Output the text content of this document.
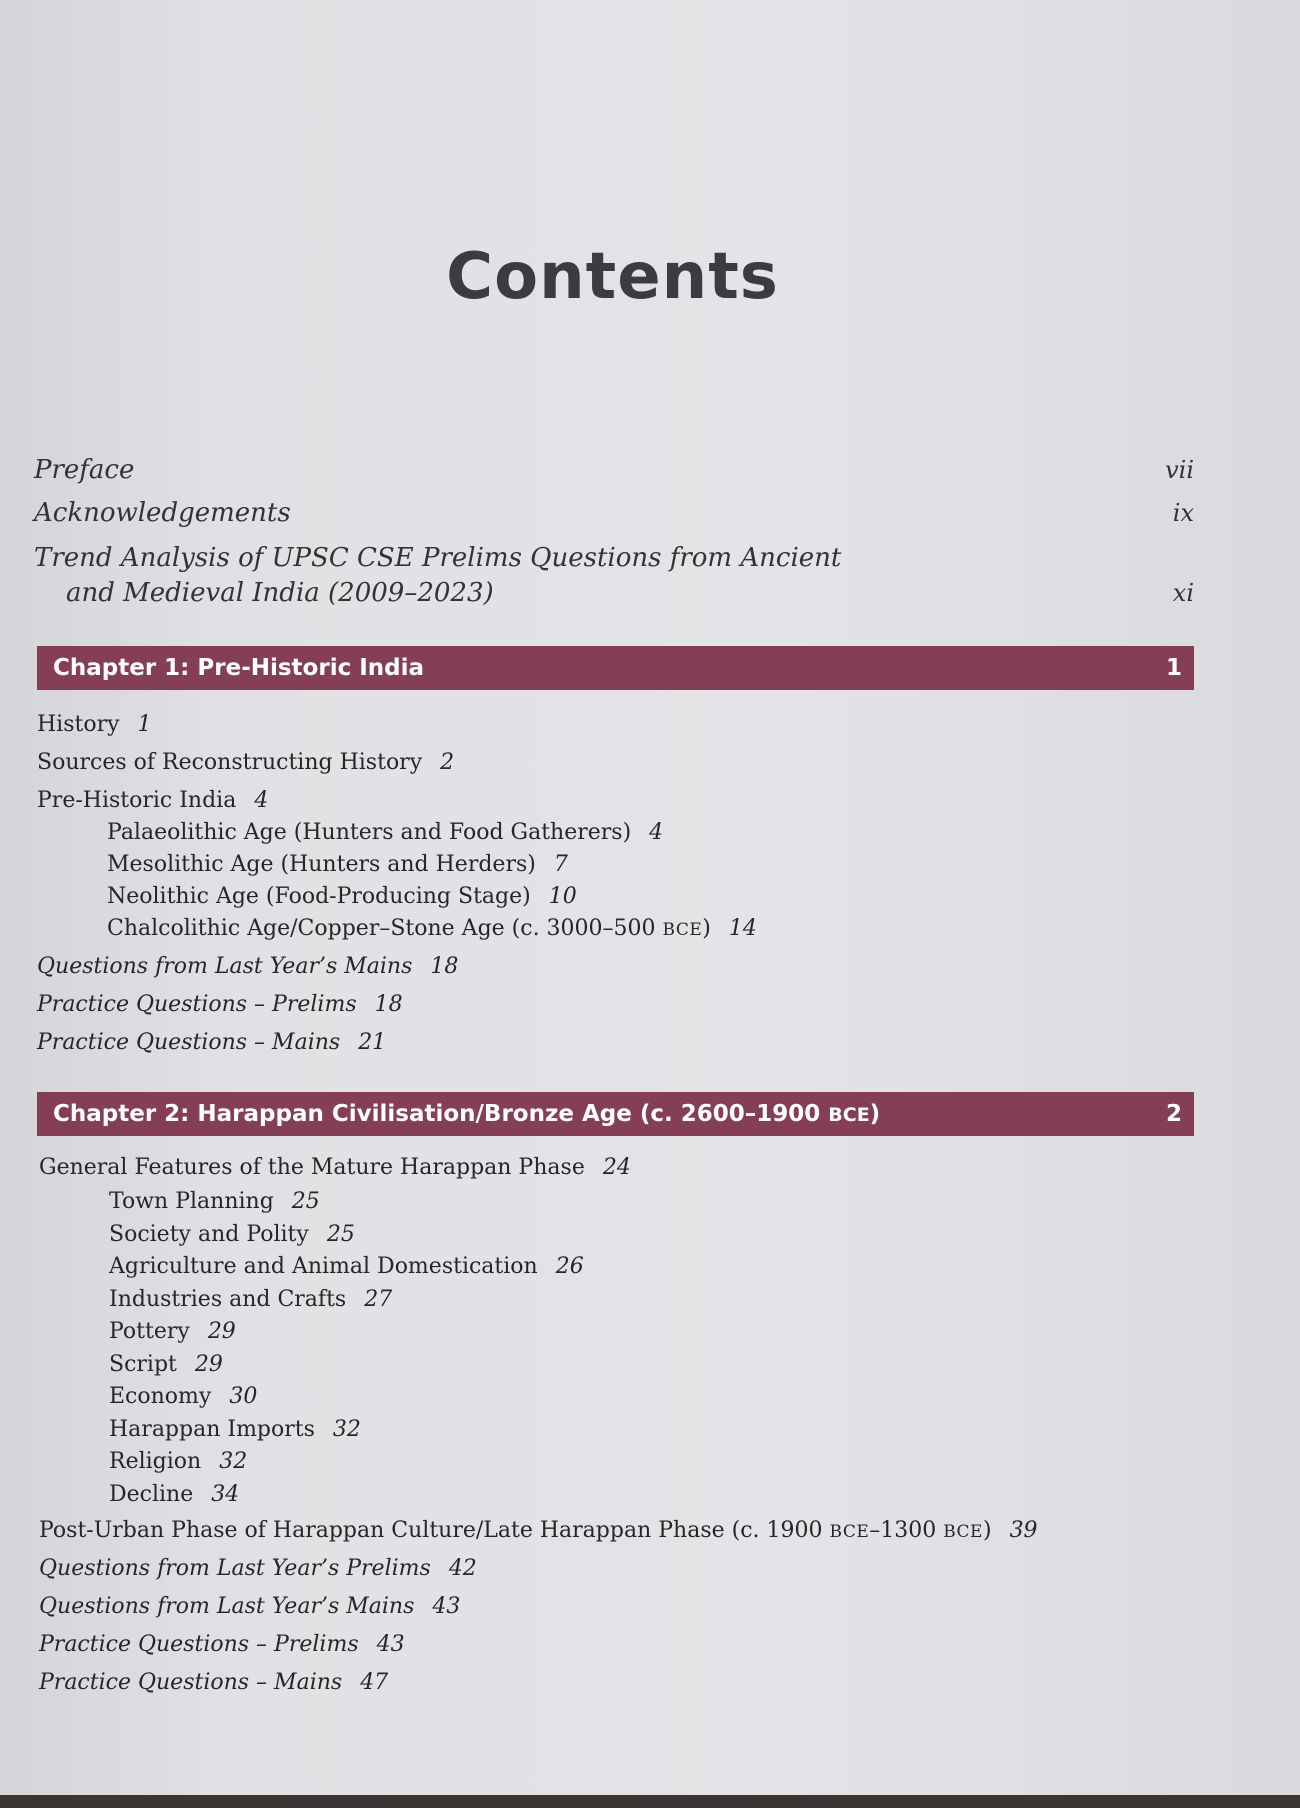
Contents
Preface	vii
Acknowledgements	ix
Trend Analysis of UPSC CSE Prelims Questions from Ancient
and Medieval India (2009–2023)	xi
Chapter 1: Pre-Historic India	1
History 1
Sources of Reconstructing History 2
Pre-Historic India 4
Palaeolithic Age (Hunters and Food Gatherers) 4
Mesolithic Age (Hunters and Herders) 7
Neolithic Age (Food-Producing Stage) 10
Chalcolithic Age/Copper–Stone Age (c. 3000–500 BCE) 14
Questions from Last Year’s Mains 18
Practice Questions – Prelims 18
Practice Questions – Mains 21
Chapter 2: Harappan Civilisation/Bronze Age (c. 2600–1900 BCE)	2
General Features of the Mature Harappan Phase 24
Town Planning 25
Society and Polity 25
Agriculture and Animal Domestication 26
Industries and Crafts 27
Pottery 29
Script 29
Economy 30
Harappan Imports 32
Religion 32
Decline 34
Post-Urban Phase of Harappan Culture/Late Harappan Phase (c. 1900 BCE–1300 BCE) 39
Questions from Last Year’s Prelims 42
Questions from Last Year’s Mains 43
Practice Questions – Prelims 43
Practice Questions – Mains 47
